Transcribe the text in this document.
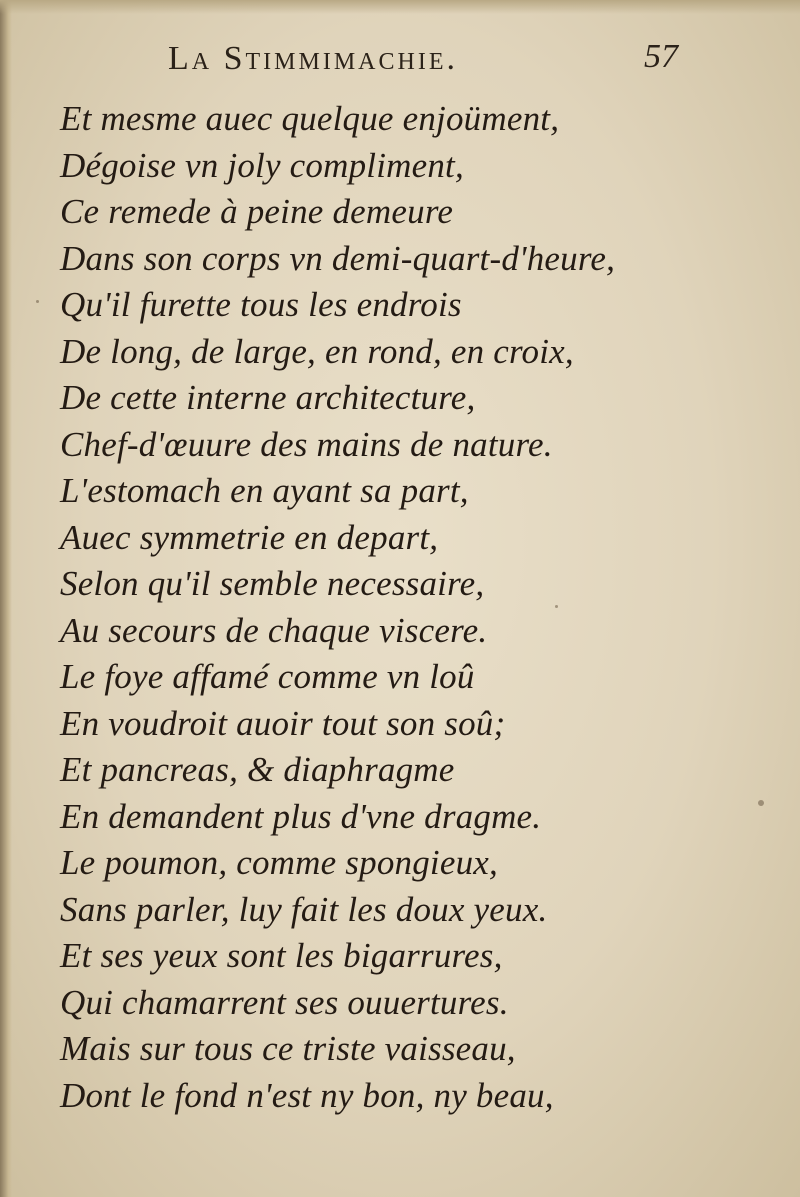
La Stimmimachie.	57
Et mesme auec quelque enjoüment,
Dégoise vn joly compliment,
Ce remede à peine demeure
Dans son corps vn demi-quart-d'heure,
Qu'il furette tous les endrois
De long, de large, en rond, en croix,
De cette interne architecture,
Chef-d'œuure des mains de nature.
L'estomach en ayant sa part,
Auec symmetrie en depart,
Selon qu'il semble necessaire,
Au secours de chaque viscere.
Le foye affamé comme vn loû
En voudroit auoir tout son soû;
Et pancreas, & diaphragme
En demandent plus d'vne dragme.
Le poumon, comme spongieux,
Sans parler, luy fait les doux yeux.
Et ses yeux sont les bigarrures,
Qui chamarrent ses ouuertures.
Mais sur tous ce triste vaisseau,
Dont le fond n'est ny bon, ny beau,
